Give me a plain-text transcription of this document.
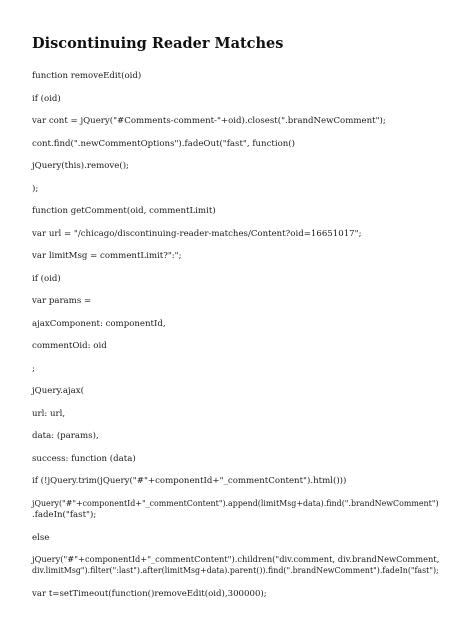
Discontinuing Reader Matches

function removeEdit(oid)

if (oid)

var cont = jQuery("#Comments-comment-"+oid).closest(".brandNewComment");

cont.find(".newCommentOptions").fadeOut("fast", function()

jQuery(this).remove();

);

function getComment(oid, commentLimit)

var url = "/chicago/discontinuing-reader-matches/Content?oid=16651017";

var limitMsg = commentLimit?":";

if (oid)

var params =

ajaxComponent: componentId,

commentOid: oid

;

jQuery.ajax(

url: url,

data: (params),

success: function (data)

if (!jQuery.trim(jQuery("#"+componentId+"_commentContent").html()))

jQuery("#"+componentId+"_commentContent").append(limitMsg+data).find(".brandNewComment")

.fadeIn("fast");

else

jQuery("#"+componentId+"_commentContent").children("div.comment, div.brandNewComment,

div.limitMsg").filter(":last").after(limitMsg+data).parent()).find(".brandNewComment").fadeIn("fast");

var t=setTimeout(function()removeEdit(oid),300000);
